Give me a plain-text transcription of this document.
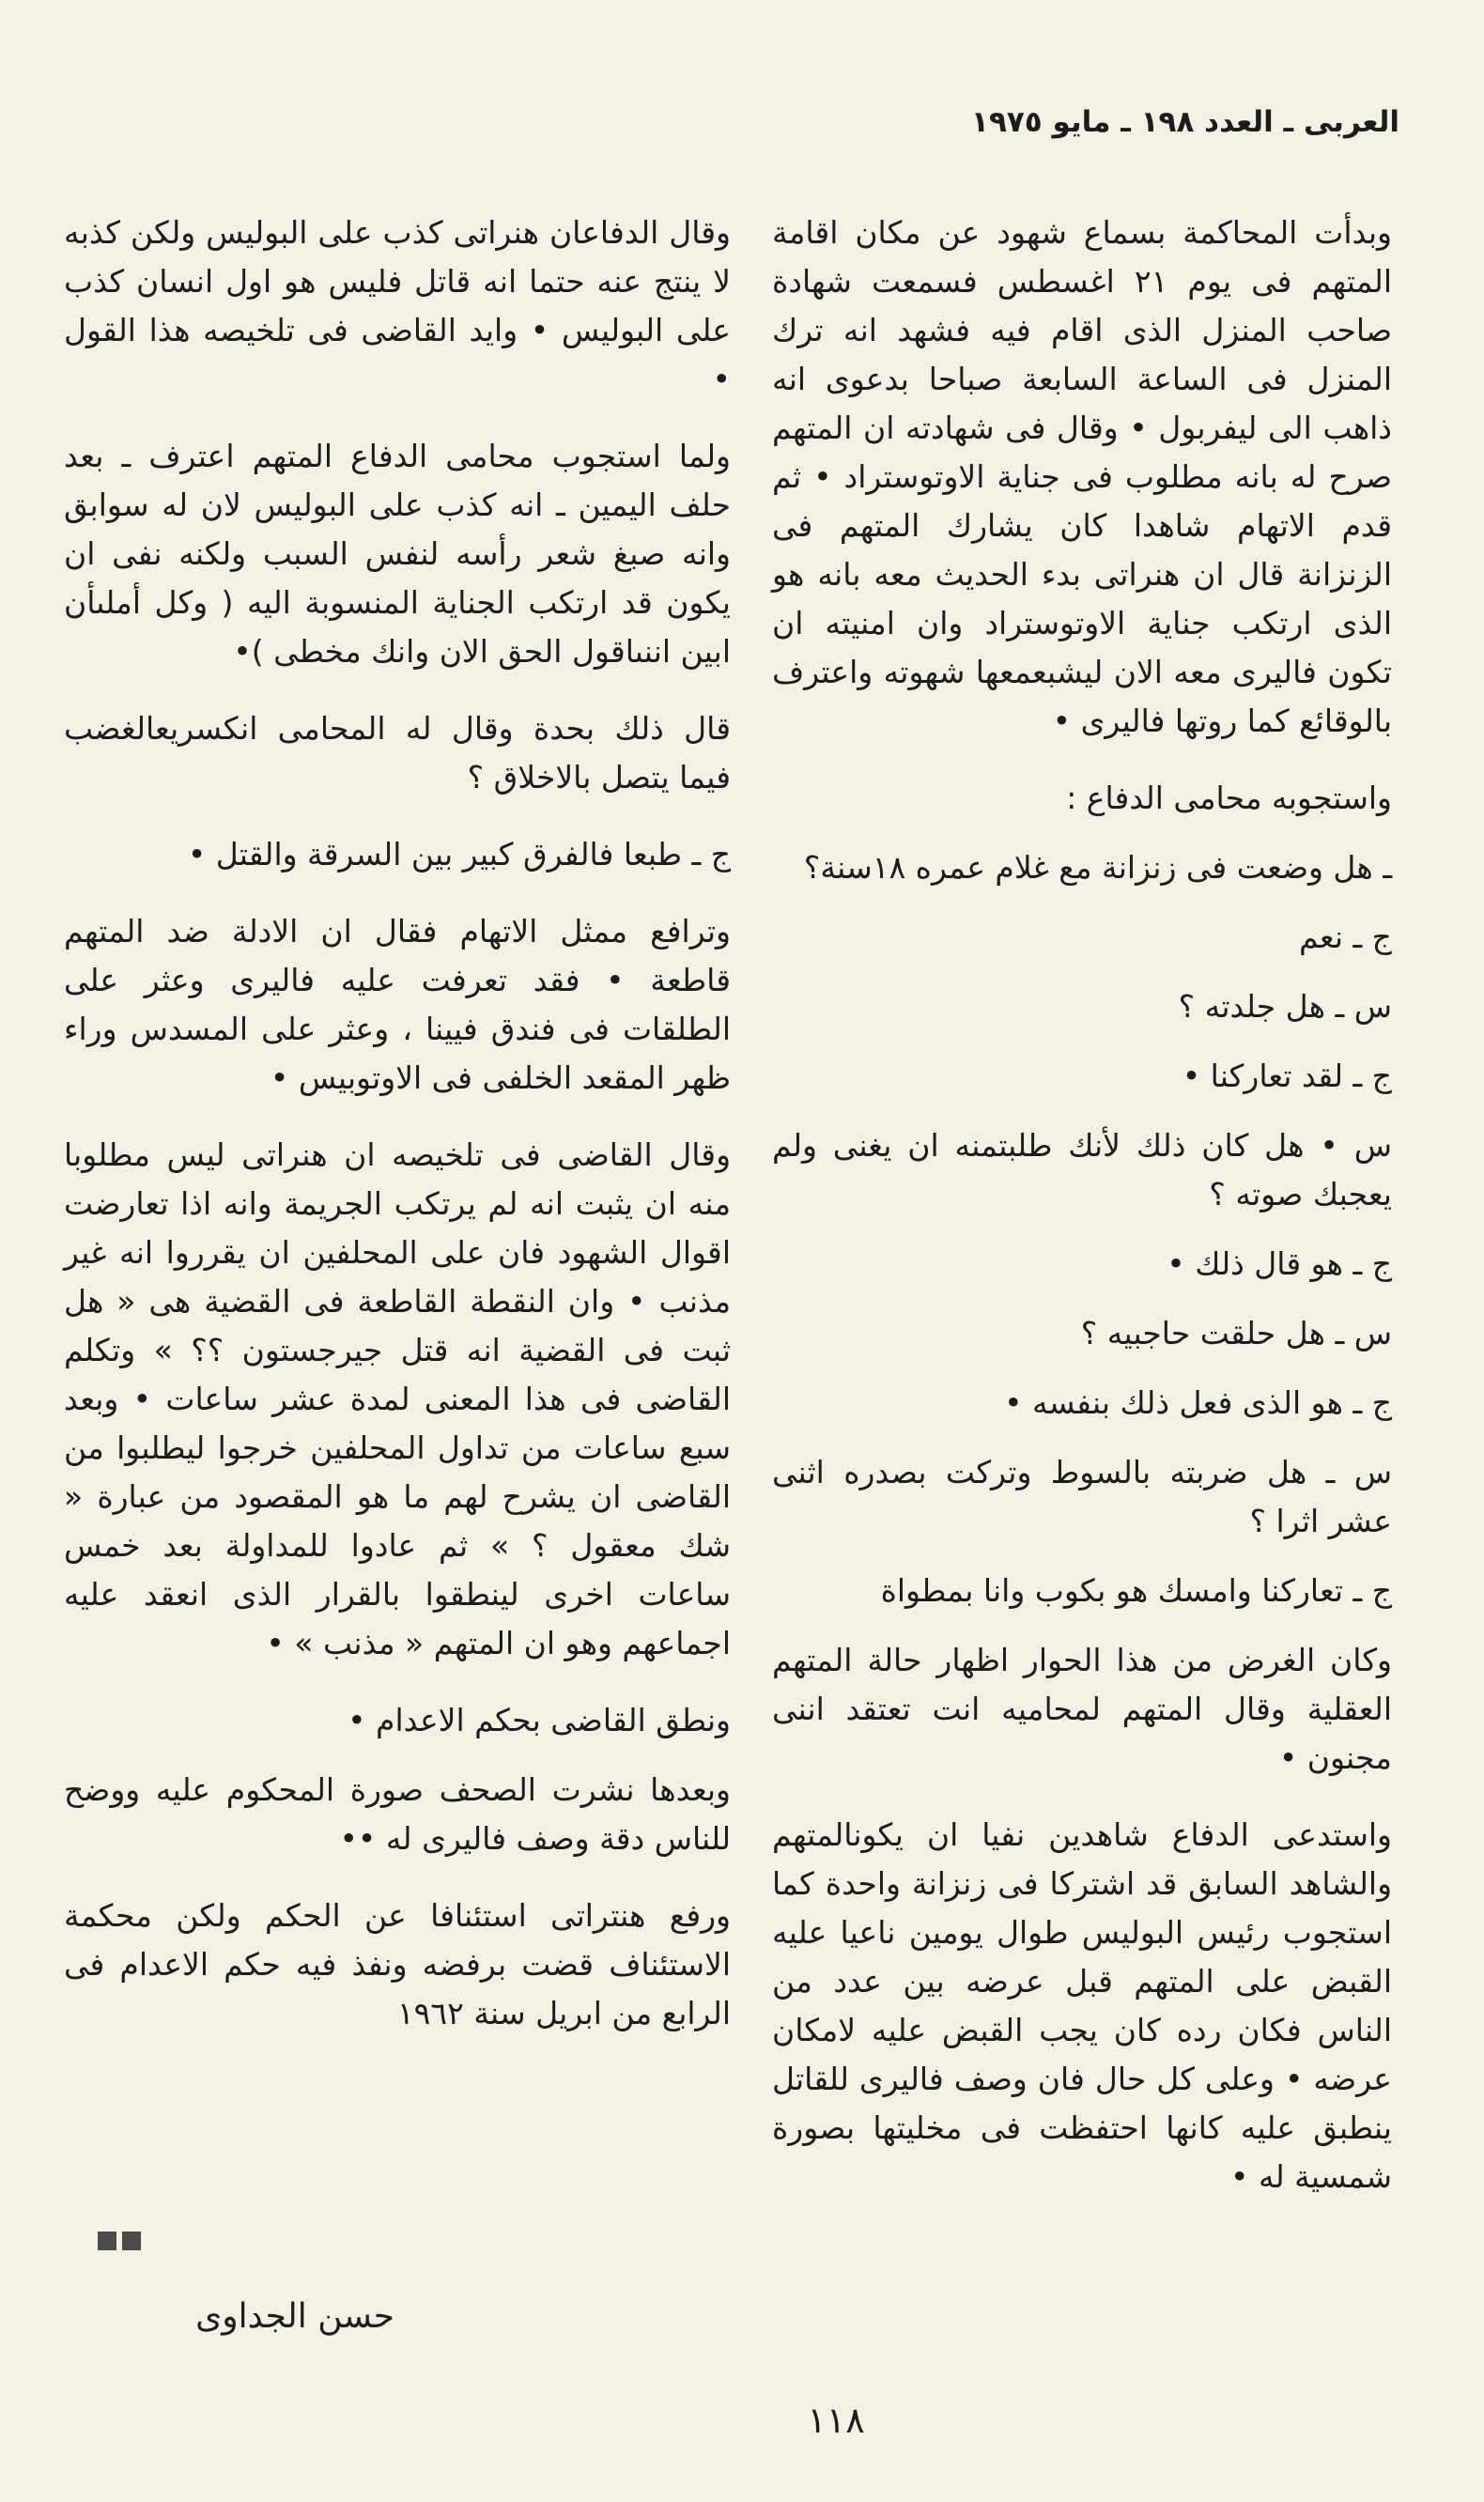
العربى ـ العدد ١٩٨ ـ مايو ١٩٧٥

وبدأت المحاكمة بسماع شهود عن مكان اقامة المتهم فى يوم ٢١ اغسطس فسمعت شهادة صاحب المنزل الذى اقام فيه فشهد انه ترك المنزل فى الساعة السابعة صباحا بدعوى انه ذاهب الى ليفربول • وقال فى شهادته ان المتهم صرح له بانه مطلوب فى جناية الاوتوستراد • ثم قدم الاتهام شاهدا كان يشارك المتهم فى الزنزانة قال ان هنراتى بدء الحديث معه بانه هو الذى ارتكب جناية الاوتوستراد وان امنيته ان تكون فاليرى معه الان ليشبعمعها شهوته واعترف بالوقائع كما روتها فاليرى •

واستجوبه محامى الدفاع :

ـ هل وضعت فى زنزانة مع غلام عمره ١٨سنة؟

ج ـ نعم

س ـ هل جلدته ؟

ج ـ لقد تعاركنا •

س • هل كان ذلك لأنك طلبتمنه ان يغنى ولم يعجبك صوته ؟

ج ـ هو قال ذلك •

س ـ هل حلقت حاجبيه ؟

ج ـ هو الذى فعل ذلك بنفسه •

س ـ هل ضربته بالسوط وتركت بصدره اثنى عشر اثرا ؟

ج ـ تعاركنا وامسك هو بكوب وانا بمطواة

وكان الغرض من هذا الحوار اظهار حالة المتهم العقلية وقال المتهم لمحاميه انت تعتقد اننى مجنون •

واستدعى الدفاع شاهدين نفيا ان يكونالمتهم والشاهد السابق قد اشتركا فى زنزانة واحدة كما استجوب رئيس البوليس طوال يومين ناعيا عليه القبض على المتهم قبل عرضه بين عدد من الناس فكان رده كان يجب القبض عليه لامكان عرضه • وعلى كل حال فان وصف فاليرى للقاتل ينطبق عليه كانها احتفظت فى مخليتها بصورة شمسية له •

وقال الدفاعان هنراتى كذب على البوليس ولكن كذبه لا ينتج عنه حتما انه قاتل فليس هو اول انسان كذب على البوليس • وايد القاضى فى تلخيصه هذا القول •

ولما استجوب محامى الدفاع المتهم اعترف ـ بعد حلف اليمين ـ انه كذب على البوليس لان له سوابق وانه صبغ شعر رأسه لنفس السبب ولكنه نفى ان يكون قد ارتكب الجناية المنسوبة اليه ( وكل أملىأن ابين اننىاقول الحق الان وانك مخطى )•

قال ذلك بحدة وقال له المحامى انكسريعالغضب فيما يتصل بالاخلاق ؟

ج ـ طبعا فالفرق كبير بين السرقة والقتل •

وترافع ممثل الاتهام فقال ان الادلة ضد المتهم قاطعة • فقد تعرفت عليه فاليرى وعثر على الطلقات فى فندق فيينا ، وعثر على المسدس وراء ظهر المقعد الخلفى فى الاوتوبيس •

وقال القاضى فى تلخيصه ان هنراتى ليس مطلوبا منه ان يثبت انه لم يرتكب الجريمة وانه اذا تعارضت اقوال الشهود فان على المحلفين ان يقرروا انه غير مذنب • وان النقطة القاطعة فى القضية هى « هل ثبت فى القضية انه قتل جيرجستون ؟؟ » وتكلم القاضى فى هذا المعنى لمدة عشر ساعات • وبعد سبع ساعات من تداول المحلفين خرجوا ليطلبوا من القاضى ان يشرح لهم ما هو المقصود من عبارة « شك معقول ؟ » ثم عادوا للمداولة بعد خمس ساعات اخرى لينطقوا بالقرار الذى انعقد عليه اجماعهم وهو ان المتهم « مذنب » •

ونطق القاضى بحكم الاعدام •

وبعدها نشرت الصحف صورة المحكوم عليه ووضح للناس دقة وصف فاليرى له ••

ورفع هنتراتى استئنافا عن الحكم ولكن محكمة الاستئناف قضت برفضه ونفذ فيه حكم الاعدام فى الرابع من ابريل سنة ١٩٦٢

حسن الجداوى
١١٨
